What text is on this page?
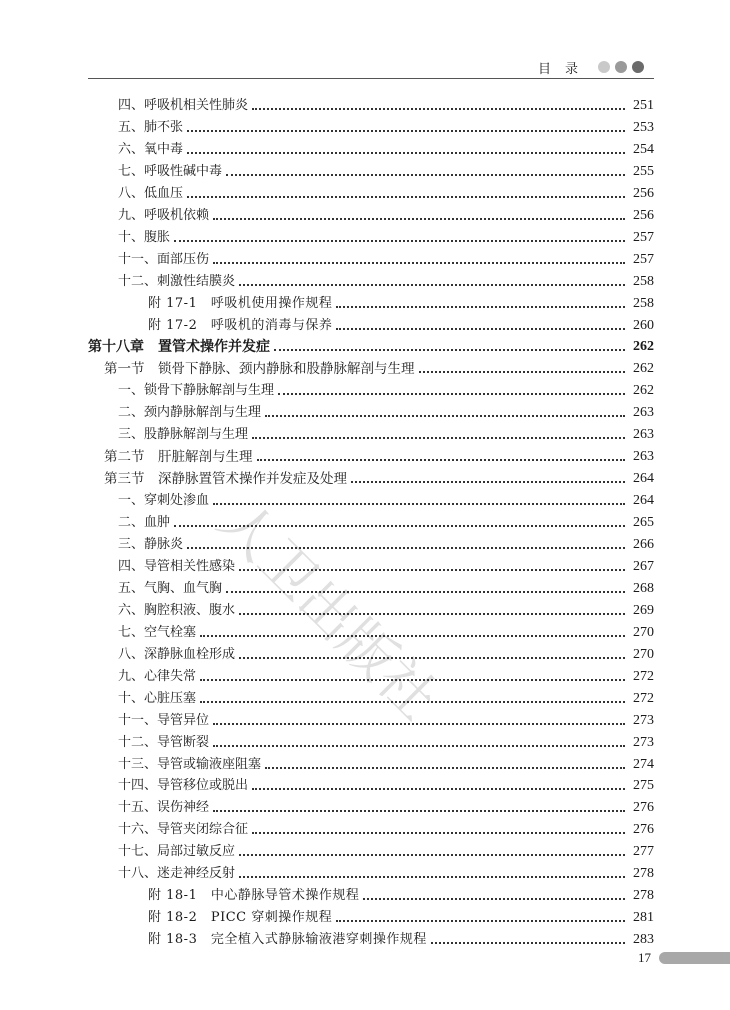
目录
人卫出版社
四、呼吸机相关性肺炎	251
五、肺不张	253
六、氧中毒	254
七、呼吸性碱中毒	255
八、低血压	256
九、呼吸机依赖	256
十、腹胀	257
十一、面部压伤	257
十二、刺激性结膜炎	258
附 17-1　呼吸机使用操作规程	258
附 17-2　呼吸机的消毒与保养	260
第十八章　置管术操作并发症	262
第一节　锁骨下静脉、颈内静脉和股静脉解剖与生理	262
一、锁骨下静脉解剖与生理	262
二、颈内静脉解剖与生理	263
三、股静脉解剖与生理	263
第二节　肝脏解剖与生理	263
第三节　深静脉置管术操作并发症及处理	264
一、穿刺处渗血	264
二、血肿	265
三、静脉炎	266
四、导管相关性感染	267
五、气胸、血气胸	268
六、胸腔积液、腹水	269
七、空气栓塞	270
八、深静脉血栓形成	270
九、心律失常	272
十、心脏压塞	272
十一、导管异位	273
十二、导管断裂	273
十三、导管或输液座阻塞	274
十四、导管移位或脱出	275
十五、误伤神经	276
十六、导管夹闭综合征	276
十七、局部过敏反应	277
十八、迷走神经反射	278
附 18-1　中心静脉导管术操作规程	278
附 18-2　PICC 穿刺操作规程	281
附 18-3　完全植入式静脉输液港穿刺操作规程	283
17
